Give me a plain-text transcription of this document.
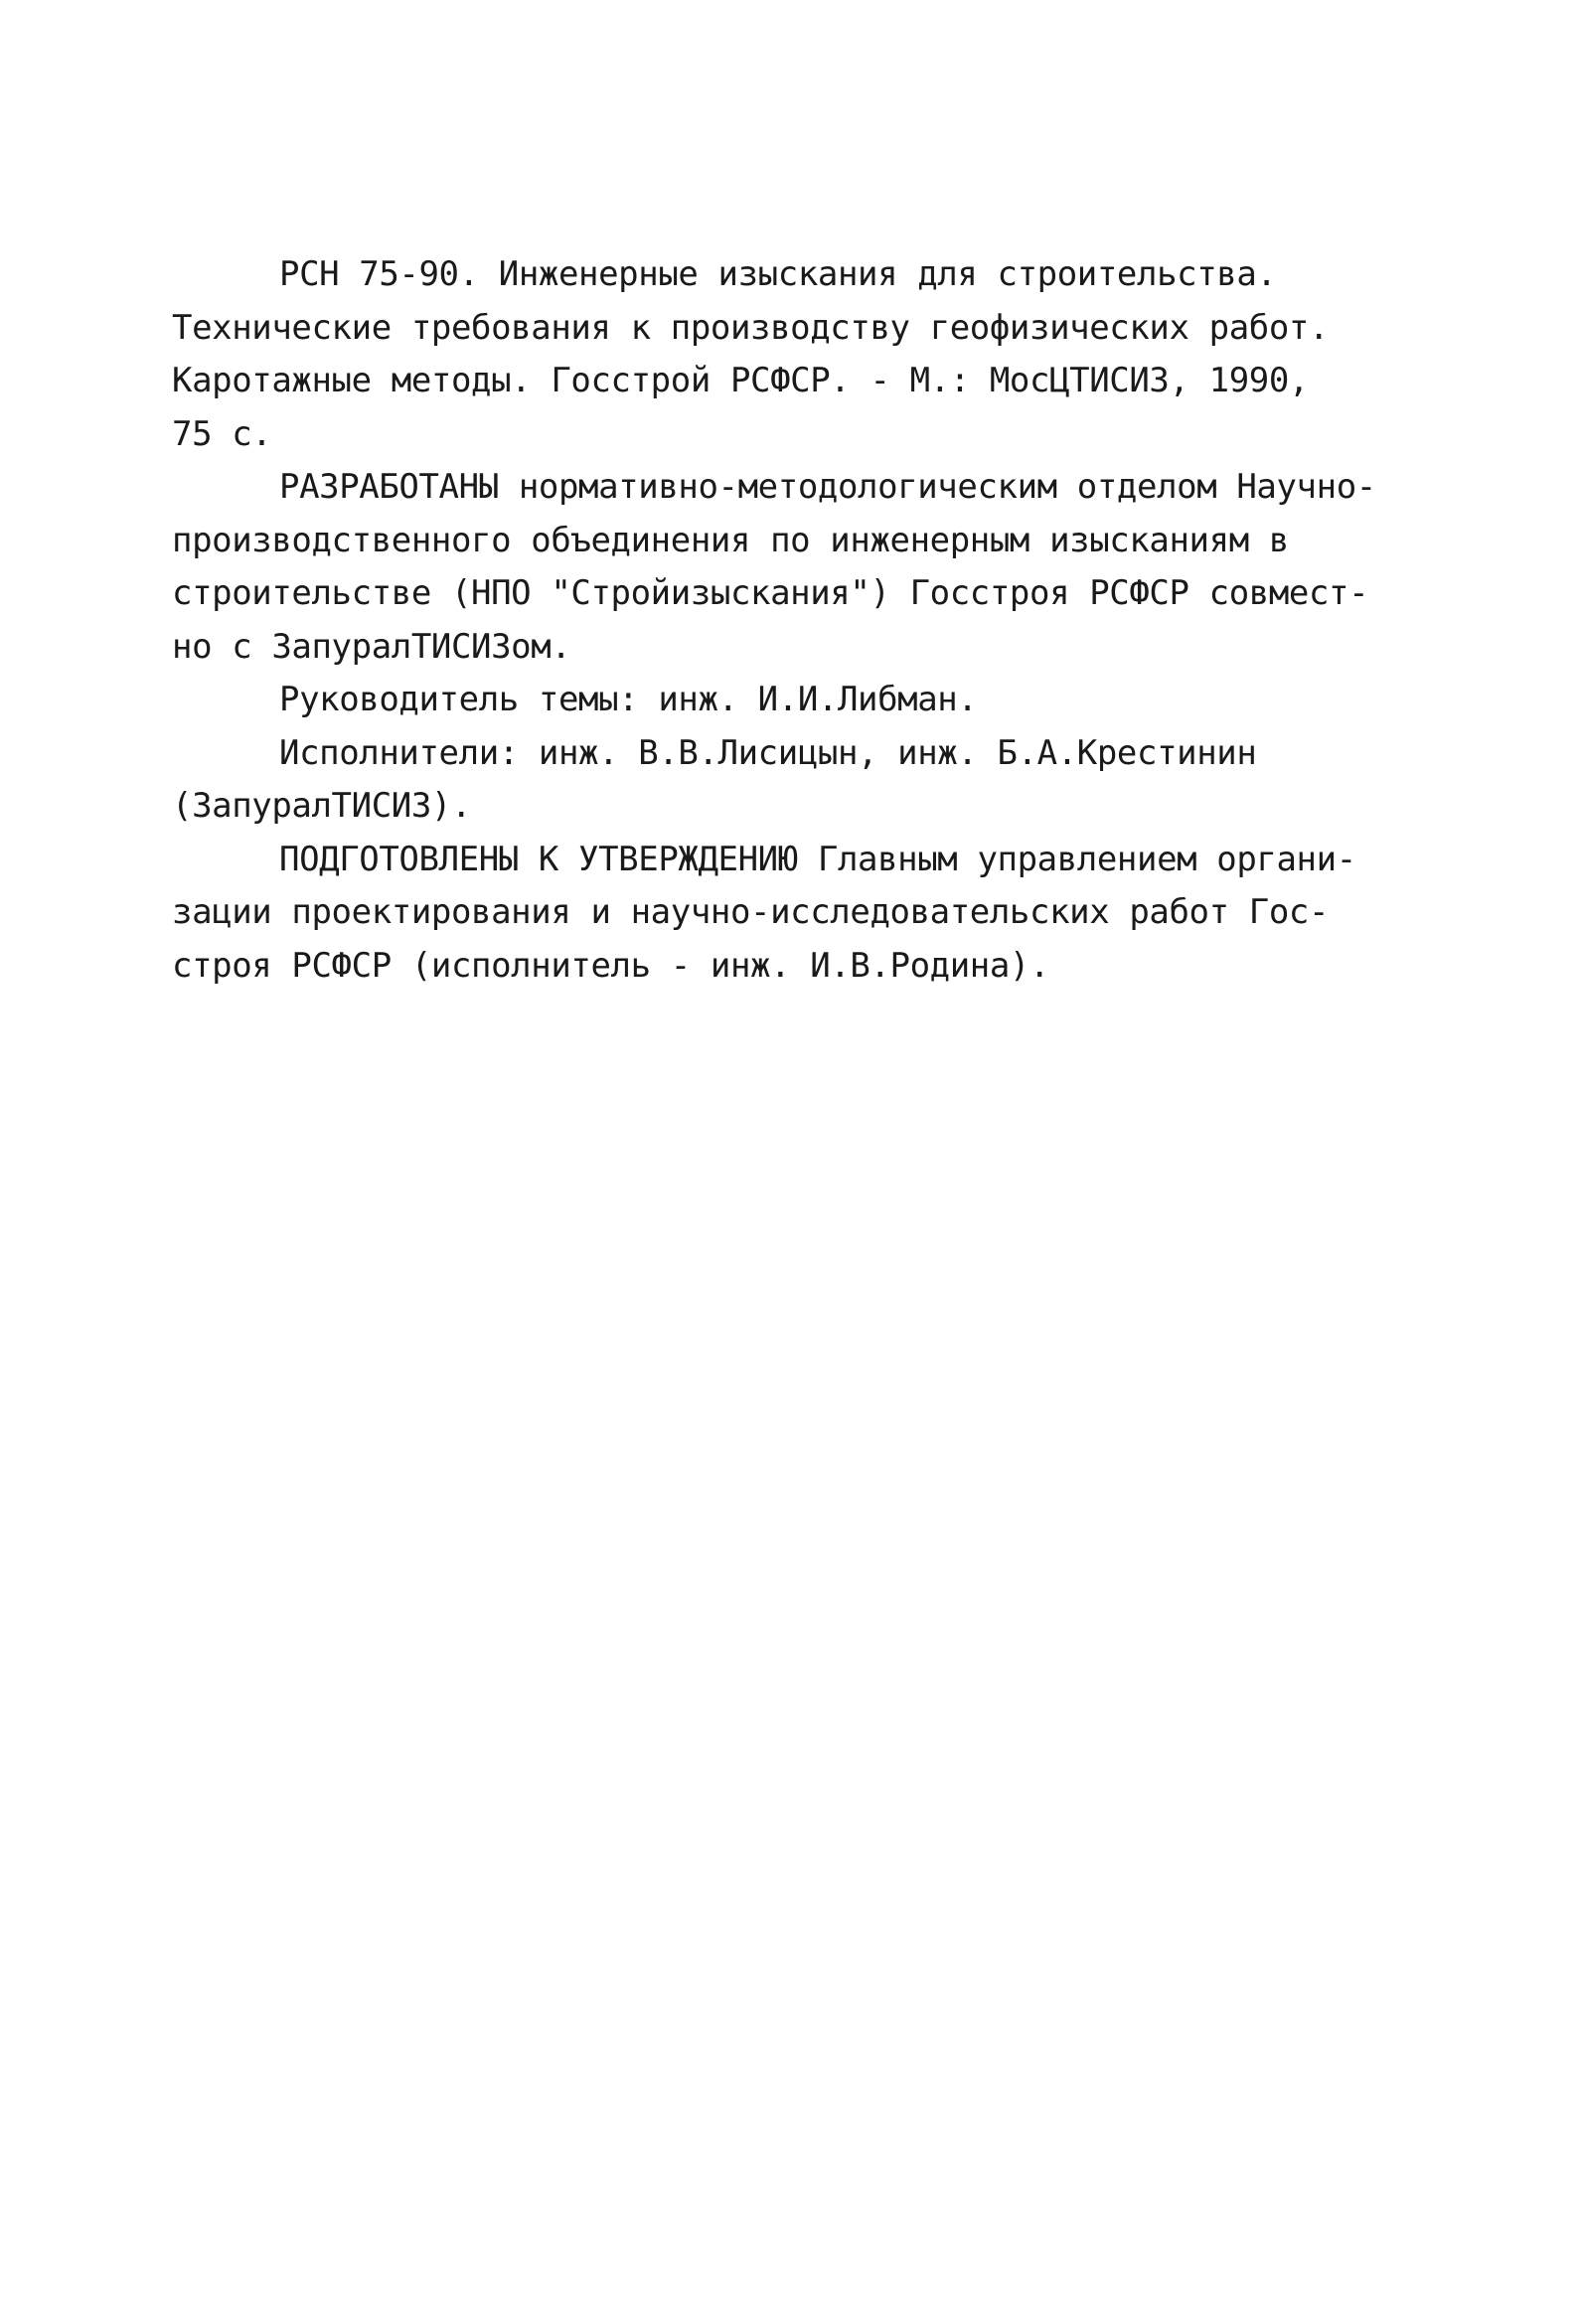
РСН 75-90. Инженерные изыскания для строительства.
Технические требования к производству геофизических работ.
Каротажные методы. Госстрой РСФСР. - М.: МосЦТИСИЗ, 1990,
75 с.
РАЗРАБОТАНЫ нормативно-методологическим отделом Научно-
производственного объединения по инженерным изысканиям в
строительстве (НПО "Стройизыскания") Госстроя РСФСР совмест-
но с ЗапуралТИСИЗом.
Руководитель темы: инж. И.И.Либман.
Исполнители: инж. В.В.Лисицын, инж. Б.А.Крестинин
(ЗапуралТИСИЗ).
ПОДГОТОВЛЕНЫ К УТВЕРЖДЕНИЮ Главным управлением органи-
зации проектирования и научно-исследовательских работ Гос-
строя РСФСР (исполнитель - инж. И.В.Родина).
